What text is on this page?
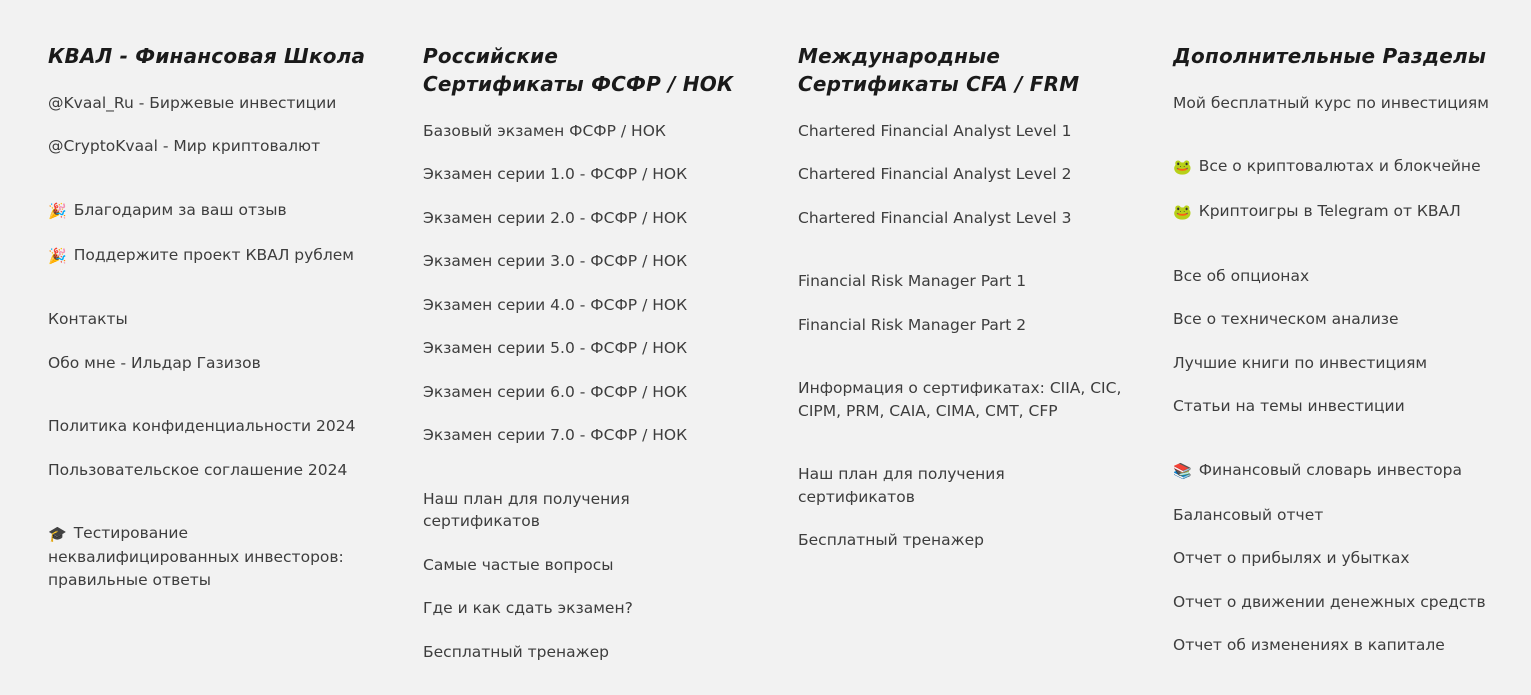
КВАЛ - Финансовая Школа
@Kvaal_Ru - Биржевые инвестиции
@CryptoKvaal - Мир криптовалют
🎉 Благодарим за ваш отзыв
🎉 Поддержите проект КВАЛ рублем
Контакты
Обо мне - Ильдар Газизов
Политика конфиденциальности 2024
Пользовательское соглашение 2024
🎓 Тестирование неквалифицированных инвесторов: правильные ответы
Российские
Сертификаты ФСФР / НОК
Базовый экзамен ФСФР / НОК
Экзамен серии 1.0 - ФСФР / НОК
Экзамен серии 2.0 - ФСФР / НОК
Экзамен серии 3.0 - ФСФР / НОК
Экзамен серии 4.0 - ФСФР / НОК
Экзамен серии 5.0 - ФСФР / НОК
Экзамен серии 6.0 - ФСФР / НОК
Экзамен серии 7.0 - ФСФР / НОК
Наш план для получения сертификатов
Самые частые вопросы
Где и как сдать экзамен?
Бесплатный тренажер
Международные
Сертификаты CFA / FRM
Chartered Financial Analyst Level 1
Chartered Financial Analyst Level 2
Chartered Financial Analyst Level 3
Financial Risk Manager Part 1
Financial Risk Manager Part 2
Информация о сертификатах: CIIA, CIC, CIPM, PRM, CAIA, CIMA, CMT, CFP
Наш план для получения сертификатов
Бесплатный тренажер
Дополнительные Разделы
Мой бесплатный курс по инвестициям
🐸 Все о криптовалютах и блокчейне
🐸 Криптоигры в Telegram от КВАЛ
Все об опционах
Все о техническом анализе
Лучшие книги по инвестициям
Статьи на темы инвестиции
📚 Финансовый словарь инвестора
Балансовый отчет
Отчет о прибылях и убытках
Отчет о движении денежных средств
Отчет об изменениях в капитале
